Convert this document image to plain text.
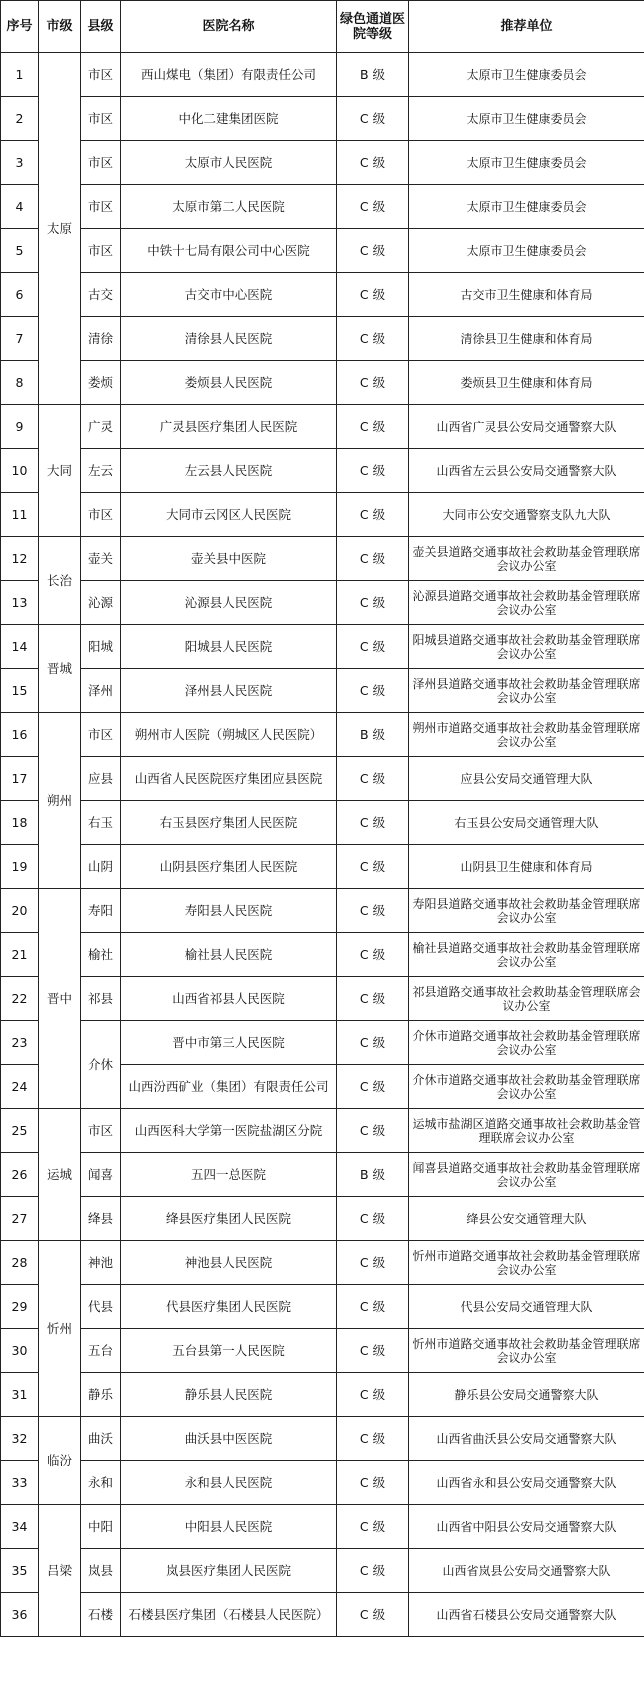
序号	市级	县级	医院名称	绿色通道医院等级	推荐单位
1	太原	市区	西山煤电（集团）有限责任公司	B 级	太原市卫生健康委员会
2		市区	中化二建集团医院	C 级	太原市卫生健康委员会
3		市区	太原市人民医院	C 级	太原市卫生健康委员会
4		市区	太原市第二人民医院	C 级	太原市卫生健康委员会
5		市区	中铁十七局有限公司中心医院	C 级	太原市卫生健康委员会
6		古交	古交市中心医院	C 级	古交市卫生健康和体育局
7		清徐	清徐县人民医院	C 级	清徐县卫生健康和体育局
8		娄烦	娄烦县人民医院	C 级	娄烦县卫生健康和体育局
9	大同	广灵	广灵县医疗集团人民医院	C 级	山西省广灵县公安局交通警察大队
10		左云	左云县人民医院	C 级	山西省左云县公安局交通警察大队
11		市区	大同市云冈区人民医院	C 级	大同市公安交通警察支队九大队
12	长治	壶关	壶关县中医院	C 级	壶关县道路交通事故社会救助基金管理联席会议办公室
13		沁源	沁源县人民医院	C 级	沁源县道路交通事故社会救助基金管理联席会议办公室
14	晋城	阳城	阳城县人民医院	C 级	阳城县道路交通事故社会救助基金管理联席会议办公室
15		泽州	泽州县人民医院	C 级	泽州县道路交通事故社会救助基金管理联席会议办公室
16	朔州	市区	朔州市人医院（朔城区人民医院）	B 级	朔州市道路交通事故社会救助基金管理联席会议办公室
17		应县	山西省人民医院医疗集团应县医院	C 级	应县公安局交通管理大队
18		右玉	右玉县医疗集团人民医院	C 级	右玉县公安局交通管理大队
19		山阴	山阴县医疗集团人民医院	C 级	山阴县卫生健康和体育局
20	晋中	寿阳	寿阳县人民医院	C 级	寿阳县道路交通事故社会救助基金管理联席会议办公室
21		榆社	榆社县人民医院	C 级	榆社县道路交通事故社会救助基金管理联席会议办公室
22		祁县	山西省祁县人民医院	C 级	祁县道路交通事故社会救助基金管理联席会议办公室
23		介休	晋中市第三人民医院	C 级	介休市道路交通事故社会救助基金管理联席会议办公室
24			山西汾西矿业（集团）有限责任公司	C 级	介休市道路交通事故社会救助基金管理联席会议办公室
25	运城	市区	山西医科大学第一医院盐湖区分院	C 级	运城市盐湖区道路交通事故社会救助基金管理联席会议办公室
26		闻喜	五四一总医院	B 级	闻喜县道路交通事故社会救助基金管理联席会议办公室
27		绛县	绛县医疗集团人民医院	C 级	绛县公安交通管理大队
28	忻州	神池	神池县人民医院	C 级	忻州市道路交通事故社会救助基金管理联席会议办公室
29		代县	代县医疗集团人民医院	C 级	代县公安局交通管理大队
30		五台	五台县第一人民医院	C 级	忻州市道路交通事故社会救助基金管理联席会议办公室
31		静乐	静乐县人民医院	C 级	静乐县公安局交通警察大队
32	临汾	曲沃	曲沃县中医医院	C 级	山西省曲沃县公安局交通警察大队
33		永和	永和县人民医院	C 级	山西省永和县公安局交通警察大队
34	吕梁	中阳	中阳县人民医院	C 级	山西省中阳县公安局交通警察大队
35		岚县	岚县医疗集团人民医院	C 级	山西省岚县公安局交通警察大队
36		石楼	石楼县医疗集团（石楼县人民医院）	C 级	山西省石楼县公安局交通警察大队
